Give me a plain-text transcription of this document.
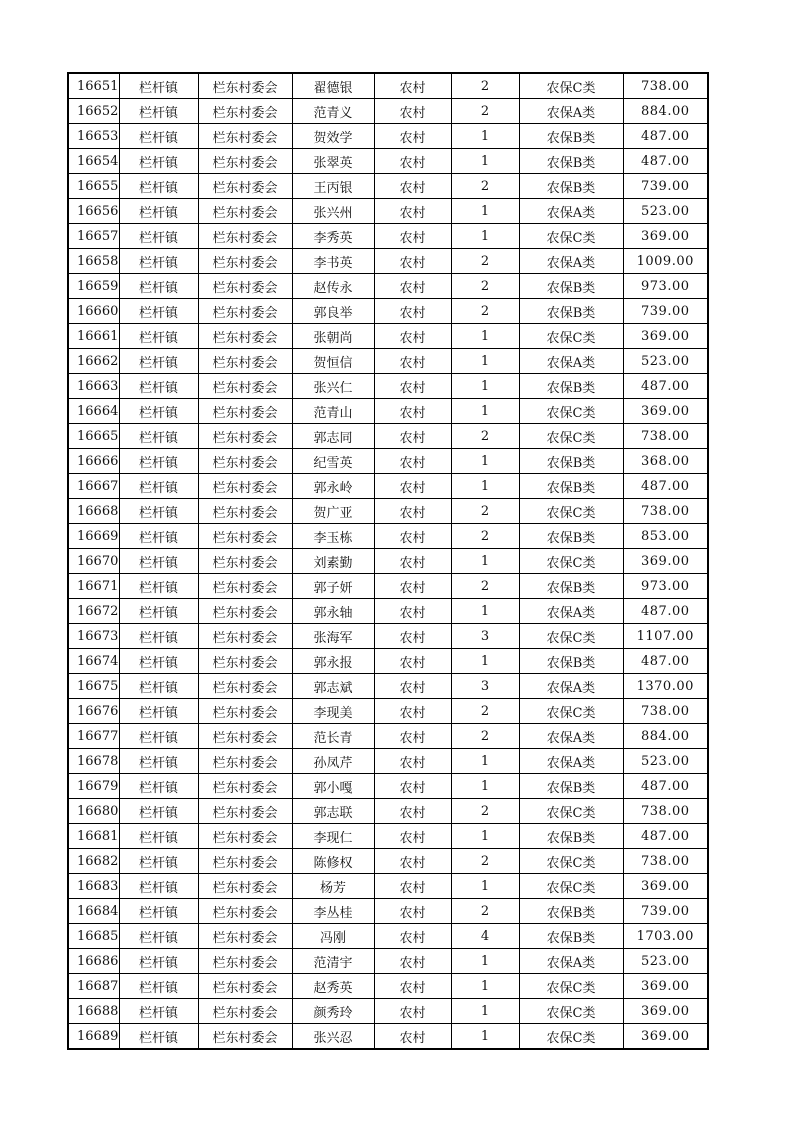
16651	栏杆镇	栏东村委会	翟德银	农村	2	农保C类	738.00
16652	栏杆镇	栏东村委会	范青义	农村	2	农保A类	884.00
16653	栏杆镇	栏东村委会	贺效学	农村	1	农保B类	487.00
16654	栏杆镇	栏东村委会	张翠英	农村	1	农保B类	487.00
16655	栏杆镇	栏东村委会	王丙银	农村	2	农保B类	739.00
16656	栏杆镇	栏东村委会	张兴州	农村	1	农保A类	523.00
16657	栏杆镇	栏东村委会	李秀英	农村	1	农保C类	369.00
16658	栏杆镇	栏东村委会	李书英	农村	2	农保A类	1009.00
16659	栏杆镇	栏东村委会	赵传永	农村	2	农保B类	973.00
16660	栏杆镇	栏东村委会	郭良举	农村	2	农保B类	739.00
16661	栏杆镇	栏东村委会	张朝尚	农村	1	农保C类	369.00
16662	栏杆镇	栏东村委会	贺恒信	农村	1	农保A类	523.00
16663	栏杆镇	栏东村委会	张兴仁	农村	1	农保B类	487.00
16664	栏杆镇	栏东村委会	范青山	农村	1	农保C类	369.00
16665	栏杆镇	栏东村委会	郭志同	农村	2	农保C类	738.00
16666	栏杆镇	栏东村委会	纪雪英	农村	1	农保B类	368.00
16667	栏杆镇	栏东村委会	郭永岭	农村	1	农保B类	487.00
16668	栏杆镇	栏东村委会	贺广亚	农村	2	农保C类	738.00
16669	栏杆镇	栏东村委会	李玉栋	农村	2	农保B类	853.00
16670	栏杆镇	栏东村委会	刘素勤	农村	1	农保C类	369.00
16671	栏杆镇	栏东村委会	郭子妍	农村	2	农保B类	973.00
16672	栏杆镇	栏东村委会	郭永轴	农村	1	农保A类	487.00
16673	栏杆镇	栏东村委会	张海军	农村	3	农保C类	1107.00
16674	栏杆镇	栏东村委会	郭永报	农村	1	农保B类	487.00
16675	栏杆镇	栏东村委会	郭志斌	农村	3	农保A类	1370.00
16676	栏杆镇	栏东村委会	李现美	农村	2	农保C类	738.00
16677	栏杆镇	栏东村委会	范长青	农村	2	农保A类	884.00
16678	栏杆镇	栏东村委会	孙凤芹	农村	1	农保A类	523.00
16679	栏杆镇	栏东村委会	郭小嘎	农村	1	农保B类	487.00
16680	栏杆镇	栏东村委会	郭志联	农村	2	农保C类	738.00
16681	栏杆镇	栏东村委会	李现仁	农村	1	农保B类	487.00
16682	栏杆镇	栏东村委会	陈修权	农村	2	农保C类	738.00
16683	栏杆镇	栏东村委会	杨芳	农村	1	农保C类	369.00
16684	栏杆镇	栏东村委会	李丛桂	农村	2	农保B类	739.00
16685	栏杆镇	栏东村委会	冯刚	农村	4	农保B类	1703.00
16686	栏杆镇	栏东村委会	范清宇	农村	1	农保A类	523.00
16687	栏杆镇	栏东村委会	赵秀英	农村	1	农保C类	369.00
16688	栏杆镇	栏东村委会	颜秀玲	农村	1	农保C类	369.00
16689	栏杆镇	栏东村委会	张兴忍	农村	1	农保C类	369.00
